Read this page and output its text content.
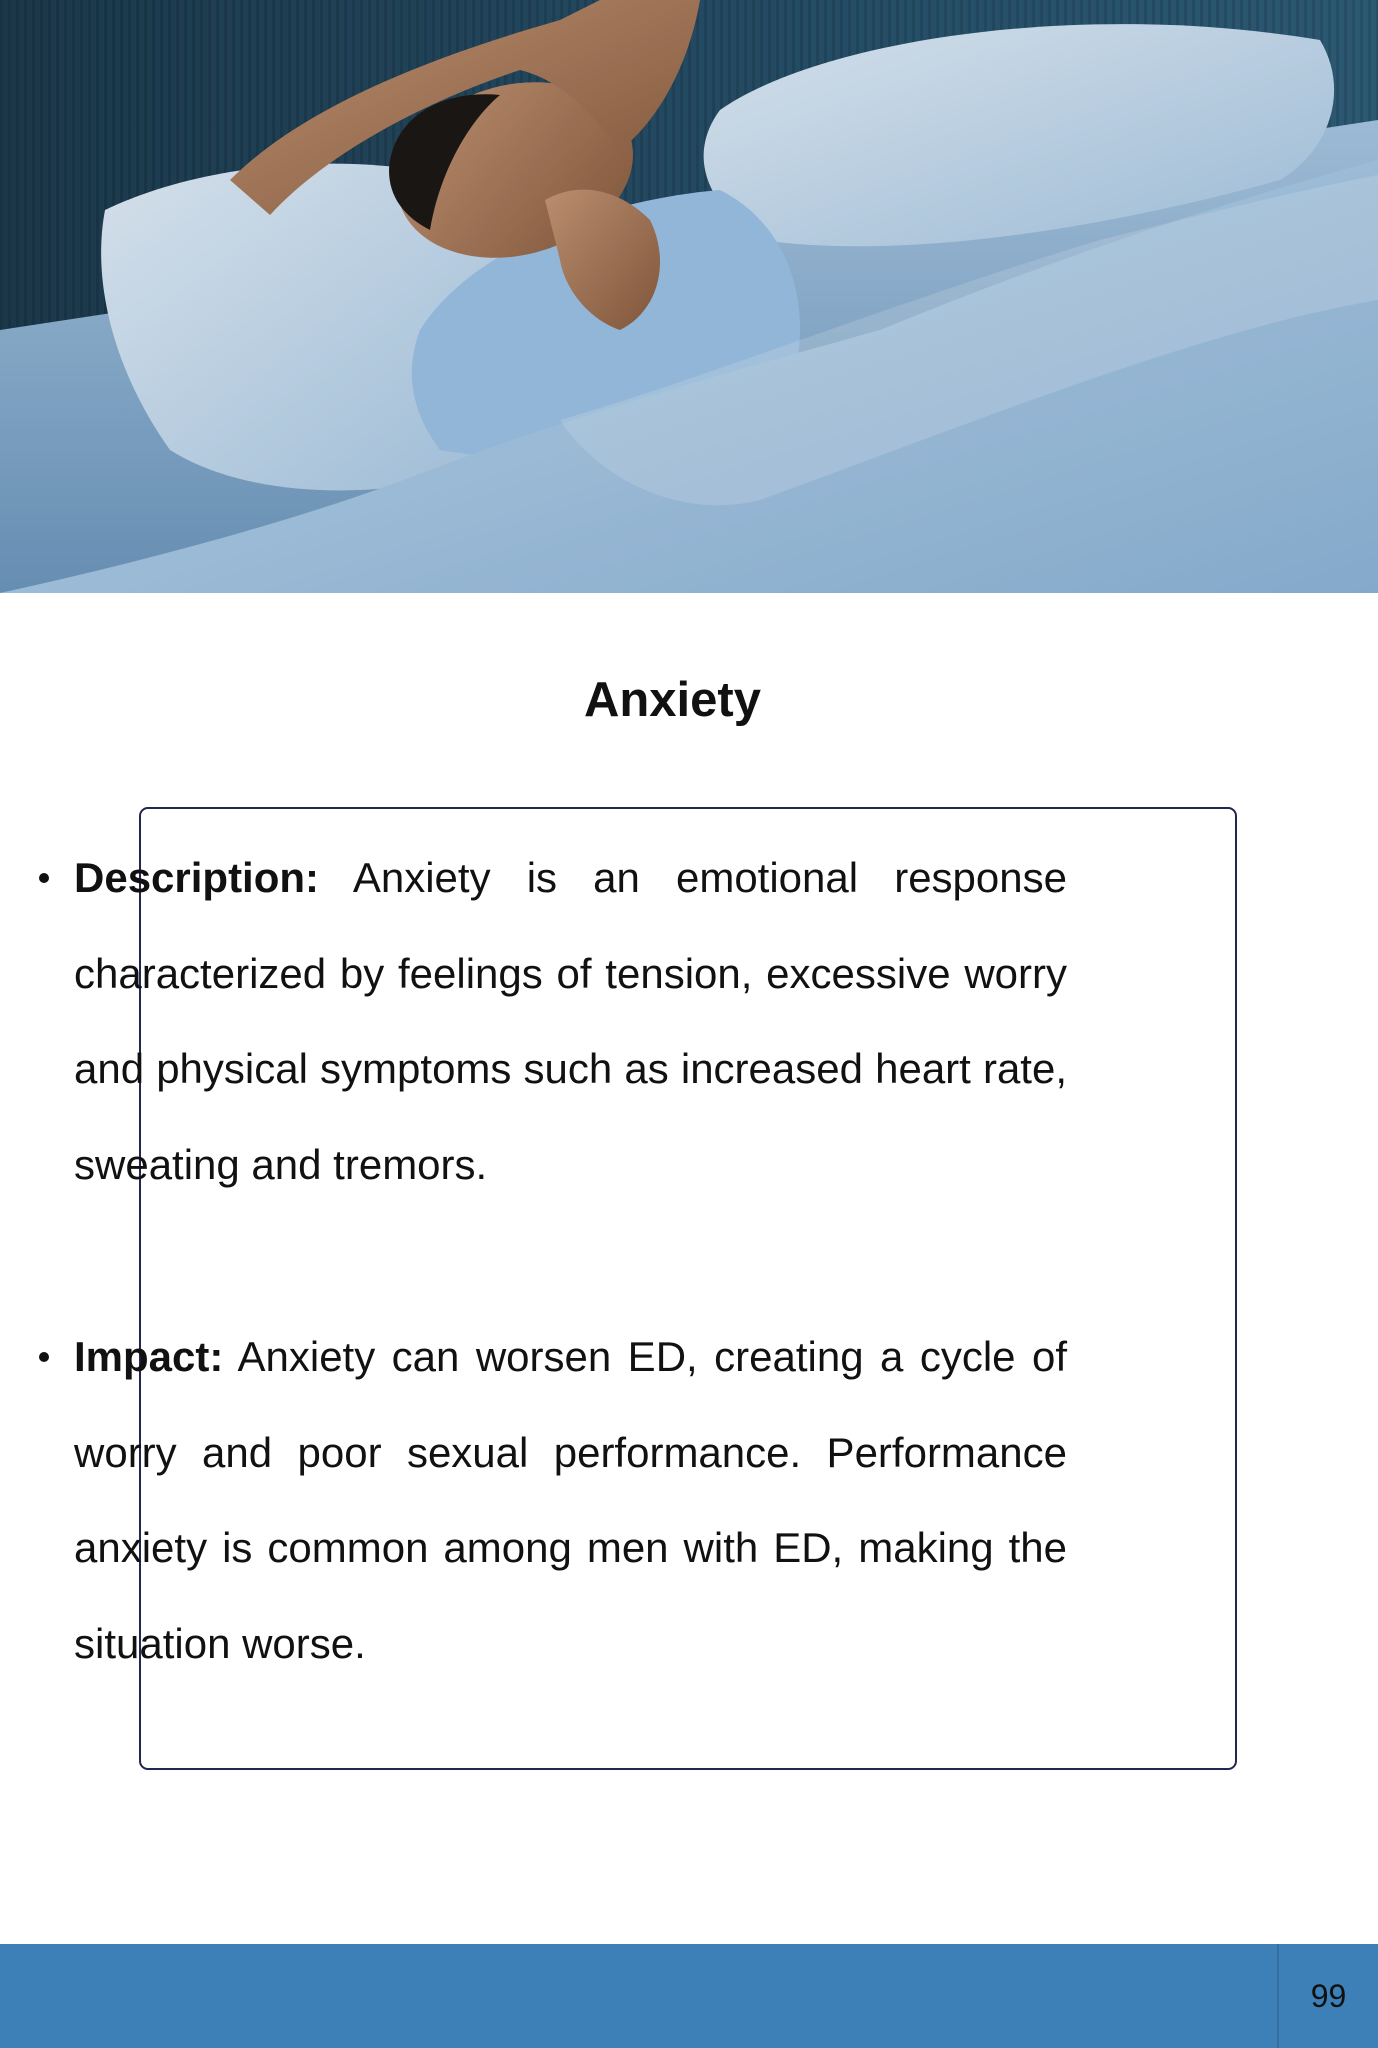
Anxiety
Description: Anxiety is an emotional response characterized by feelings of tension, excessive worry and physical symptoms such as increased heart rate, sweating and tremors.
Impact: Anxiety can worsen ED, creating a cycle of worry and poor sexual performance. Performance anxiety is common among men with ED, making the situation worse.
99
